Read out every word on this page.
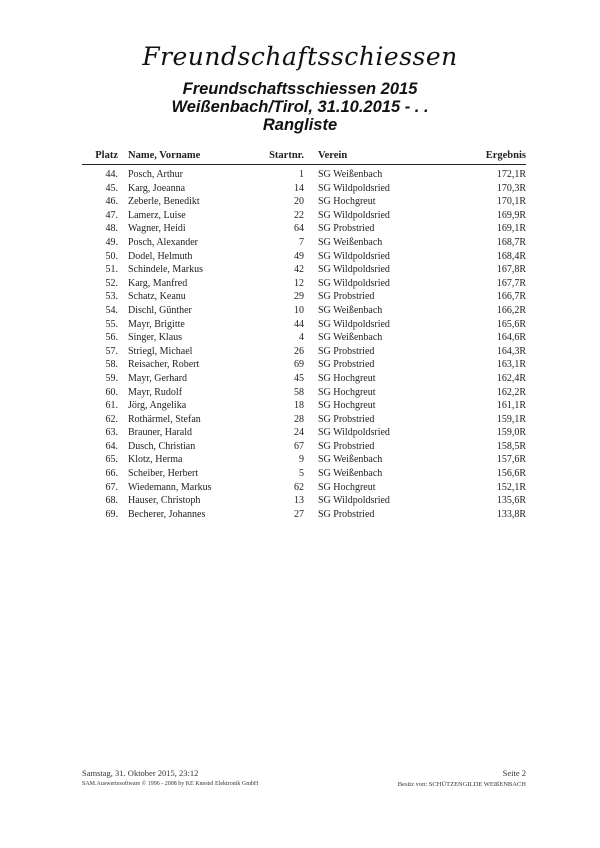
Freundschaftsschiessen
Freundschaftsschiessen 2015
Weißenbach/Tirol, 31.10.2015 - . .
Rangliste
Platz Name, Vorname	Startnr. Verein	Ergebnis
44. Posch, Arthur	1 SG Weißenbach	172,1R
45. Karg, Joeanna	14 SG Wildpoldsried	170,3R
46. Zeberle, Benedikt	20 SG Hochgreut	170,1R
47. Lamerz, Luise	22 SG Wildpoldsried	169,9R
48. Wagner, Heidi	64 SG Probstried	169,1R
49. Posch, Alexander	7 SG Weißenbach	168,7R
50. Dodel, Helmuth	49 SG Wildpoldsried	168,4R
51. Schindele, Markus	42 SG Wildpoldsried	167,8R
52. Karg, Manfred	12 SG Wildpoldsried	167,7R
53. Schatz, Keanu	29 SG Probstried	166,7R
54. Dischl, Günther	10 SG Weißenbach	166,2R
55. Mayr, Brigitte	44 SG Wildpoldsried	165,6R
56. Singer, Klaus	4 SG Weißenbach	164,6R
57. Striegl, Michael	26 SG Probstried	164,3R
58. Reisacher, Robert	69 SG Probstried	163,1R
59. Mayr, Gerhard	45 SG Hochgreut	162,4R
60. Mayr, Rudolf	58 SG Hochgreut	162,2R
61. Jörg, Angelika	18 SG Hochgreut	161,1R
62. Rothärmel, Stefan	28 SG Probstried	159,1R
63. Brauner, Harald	24 SG Wildpoldsried	159,0R
64. Dusch, Christian	67 SG Probstried	158,5R
65. Klotz, Herma	9 SG Weißenbach	157,6R
66. Scheiber, Herbert	5 SG Weißenbach	156,6R
67. Wiedemann, Markus	62 SG Hochgreut	152,1R
68. Hauser, Christoph	13 SG Wildpoldsried	135,6R
69. Becherer, Johannes	27 SG Probstried	133,8R
Samstag, 31. Oktober 2015, 23:12	Seite 2
SAM.Auswertesoftware © 1996 - 2008 by KE Knestel Elektronik GmbH	Besitz von: SCHÜTZENGILDE WEIßENBACH
